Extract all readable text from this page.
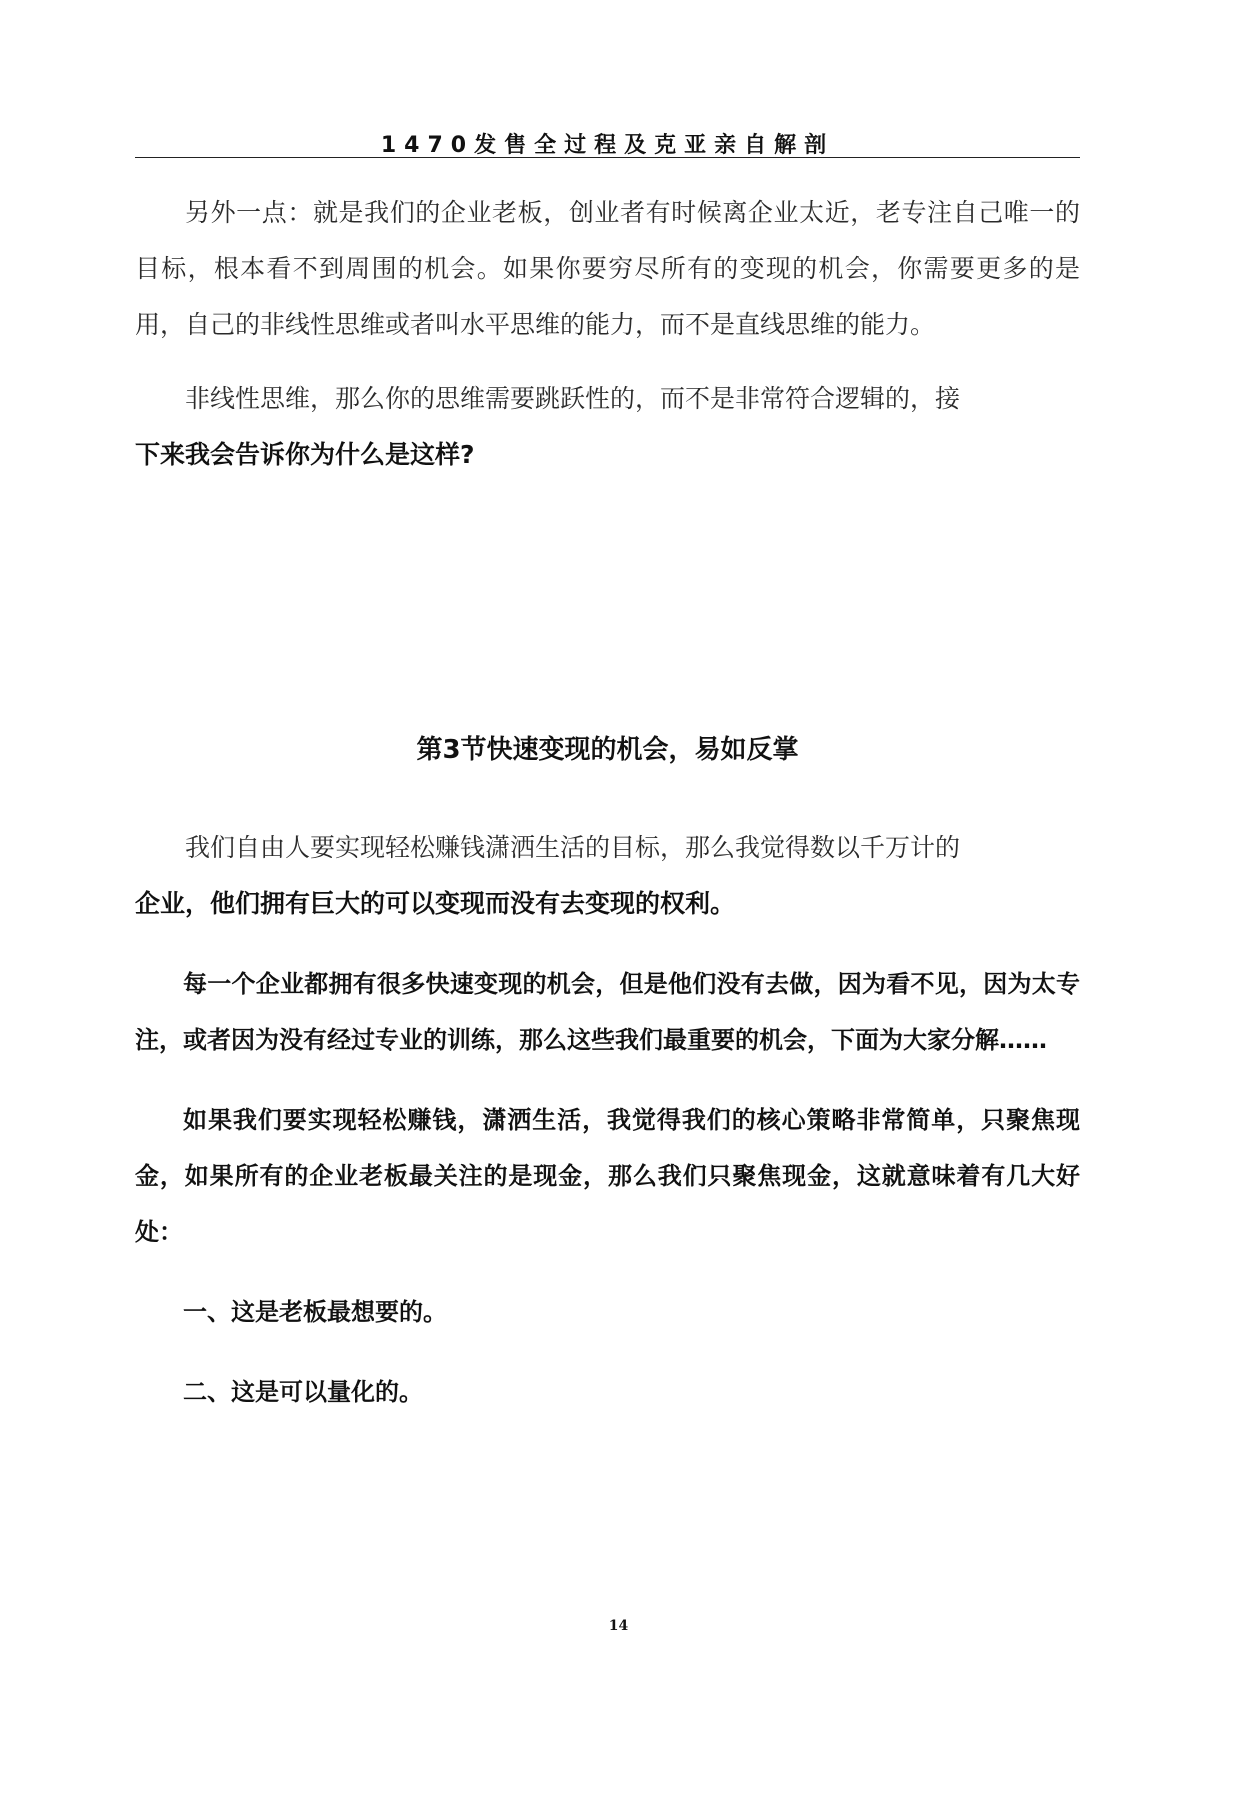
1470发售全过程及克亚亲自解剖

另外一点：就是我们的企业老板，创业者有时候离企业太近，老专注自己唯一的目标，根本看不到周围的机会。如果你要穷尽所有的变现的机会，你需要更多的是用，自己的非线性思维或者叫水平思维的能力，而不是直线思维的能力。

非线性思维，那么你的思维需要跳跃性的，而不是非常符合逻辑的，接

下来我会告诉你为什么是这样?

第3节快速变现的机会，易如反掌

我们自由人要实现轻松赚钱潇洒生活的目标，那么我觉得数以千万计的

企业，他们拥有巨大的可以变现而没有去变现的权利。

每一个企业都拥有很多快速变现的机会，但是他们没有去做，因为看不见，因为太专注，或者因为没有经过专业的训练，那么这些我们最重要的机会，下面为大家分解……

如果我们要实现轻松赚钱，潇洒生活，我觉得我们的核心策略非常简单，只聚焦现金，如果所有的企业老板最关注的是现金，那么我们只聚焦现金，这就意味着有几大好处：

一、这是老板最想要的。

二、这是可以量化的。

14
